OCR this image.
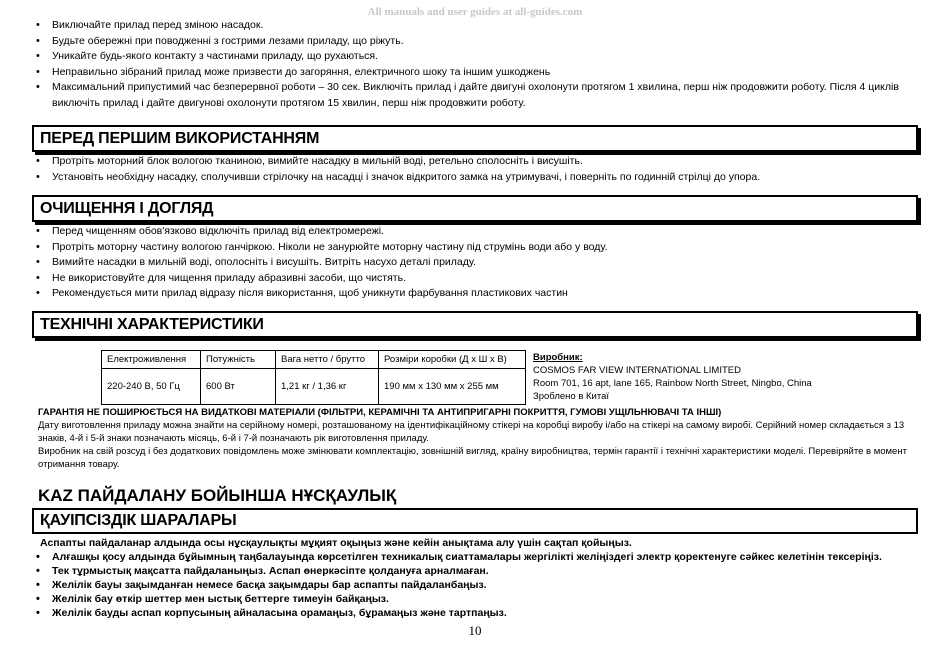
All manuals and user guides at all-guides.com
• Виключайте прилад перед зміною насадок.
• Будьте обережні при поводженні з гострими лезами приладу, що ріжуть.
• Уникайте будь-якого контакту з частинами приладу, що рухаються.
• Неправильно зібраний прилад може призвести до загоряння, електричного шоку та іншим ушкоджень
• Максимальний припустимий час безперервної роботи – 30 сек. Виключіть прилад і дайте двигуні охолонути протягом 1 хвилина, перш ніж продовжити роботу. Після 4 циклів виключіть прилад і дайте двигунові охолонути протягом 15 хвилин, перш ніж продовжити роботу.
ПЕРЕД ПЕРШИМ ВИКОРИСТАННЯМ
• Протріть моторний блок вологою тканиною, вимийте насадку в мильній воді, ретельно сполосніть і висушіть.
• Установіть необхідну насадку, сполучивши стрілочку на насадці і значок відкритого замка на утримувачі, і поверніть по годинній стрілці до упора.
ОЧИЩЕННЯ І ДОГЛЯД
• Перед чищенням обов'язково відключіть прилад від електромережі.
• Протріть моторну частину вологою ганчіркою. Ніколи не занурюйте моторну частину під струмінь води або у воду.
• Вимийте насадки в мильній воді, ополосніть і висушіть. Витріть насухо деталі приладу.
• Не використовуйте для чищення приладу абразивні засоби, що чистять.
• Рекомендується мити прилад відразу після використання, щоб уникнути фарбування пластикових частин
ТЕХНІЧНІ ХАРАКТЕРИСТИКИ
Електроживлення	Потужність	Вага нетто / брутто	Розміри коробки (Д х Ш х В)
220-240 В, 50 Гц	600 Вт	1,21 кг / 1,36 кг	190 мм х 130 мм х 255 мм
Виробник:
COSMOS FAR VIEW INTERNATIONAL LIMITED
Room 701, 16 apt, lane 165, Rainbow North Street, Ningbo, China
Зроблено в Китаї
ГАРАНТІЯ НЕ ПОШИРЮЄТЬСЯ НА ВИДАТКОВІ МАТЕРІАЛИ (ФІЛЬТРИ, КЕРАМІЧНІ ТА АНТИПРИГАРНІ ПОКРИТТЯ, ГУМОВІ УЩІЛЬНЮВАЧІ ТА ІНШІ)
Дату виготовлення приладу можна знайти на серійному номері, розташованому на ідентифікаційному стікері на коробці виробу і/або на стікері на самому виробі. Серійний номер складається з 13 знаків, 4-й і 5-й знаки позначають місяць, 6-й і 7-й позначають рік виготовлення приладу.
Виробник на свій розсуд і без додаткових повідомлень може змінювати комплектацію, зовнішній вигляд, країну виробництва, термін гарантії і технічні характеристики моделі. Перевіряйте в момент отримання товару.
KAZ ПАЙДАЛАНУ БОЙЫНША НҰСҚАУЛЫҚ
ҚАУІПСІЗДІК ШАРАЛАРЫ
Аспапты пайдаланар алдында осы нұсқаулықты мұқият оқыңыз және кейін анықтама алу үшін сақтап қойыңыз.
• Алғашқы қосу алдында бұйымның таңбалауында көрсетілген техникалық сиаттамалары жергілікті желіңіздегі электр қоректенуге сәйкес келетінін тексеріңіз.
• Тек тұрмыстық мақсатта пайдаланыңыз. Аспап өнеркәсіпте қолдануға арналмаған.
• Желілік бауы зақымданған немесе басқа зақымдары бар аспапты пайдаланбаңыз.
• Желілік бау өткір шеттер мен ыстық беттерге тимеуін байқаңыз.
• Желілік бауды аспап корпусының айналасына орамаңыз, бұрамаңыз және тартпаңыз.
10
